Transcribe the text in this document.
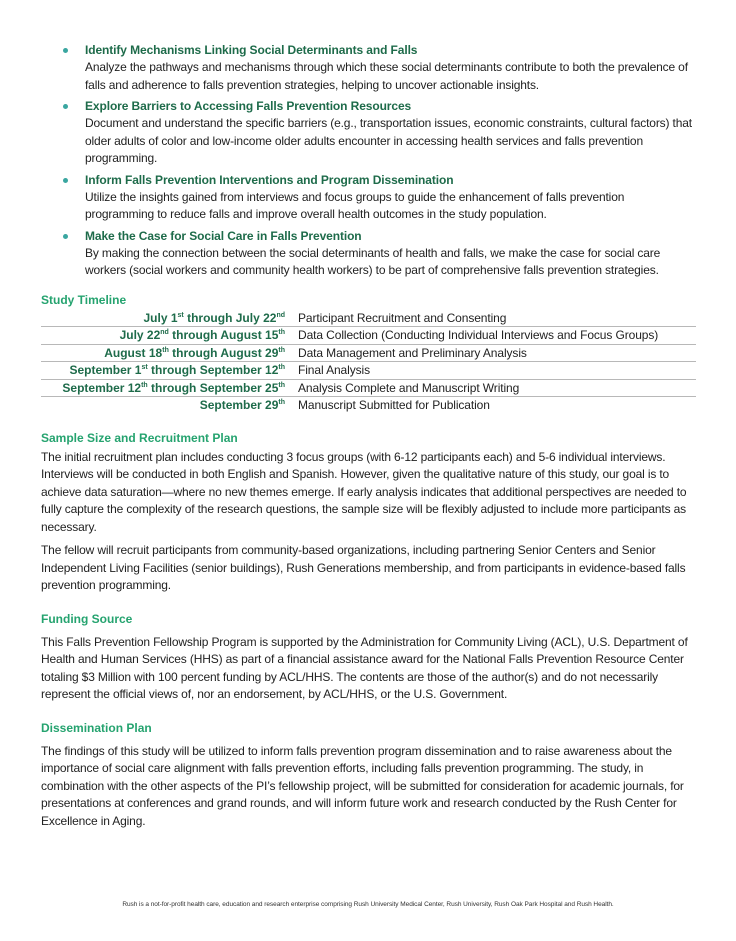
Identify Mechanisms Linking Social Determinants and Falls
Analyze the pathways and mechanisms through which these social determinants contribute to both the prevalence of falls and adherence to falls prevention strategies, helping to uncover actionable insights.
Explore Barriers to Accessing Falls Prevention Resources
Document and understand the specific barriers (e.g., transportation issues, economic constraints, cultural factors) that older adults of color and low-income older adults encounter in accessing health services and falls prevention programming.
Inform Falls Prevention Interventions and Program Dissemination
Utilize the insights gained from interviews and focus groups to guide the enhancement of falls prevention programming to reduce falls and improve overall health outcomes in the study population.
Make the Case for Social Care in Falls Prevention
By making the connection between the social determinants of health and falls, we make the case for social care workers (social workers and community health workers) to be part of comprehensive falls prevention strategies.
Study Timeline
July 1st through July 22nd	Participant Recruitment and Consenting
July 22nd through August 15th	Data Collection (Conducting Individual Interviews and Focus Groups)
August 18th through August 29th	Data Management and Preliminary Analysis
September 1st through September 12th	Final Analysis
September 12th through September 25th	Analysis Complete and Manuscript Writing
September 29th	Manuscript Submitted for Publication
Sample Size and Recruitment Plan

The initial recruitment plan includes conducting 3 focus groups (with 6-12 participants each) and 5-6 individual interviews. Interviews will be conducted in both English and Spanish. However, given the qualitative nature of this study, our goal is to achieve data saturation—where no new themes emerge. If early analysis indicates that additional perspectives are needed to fully capture the complexity of the research questions, the sample size will be flexibly adjusted to include more participants as necessary.

The fellow will recruit participants from community-based organizations, including partnering Senior Centers and Senior Independent Living Facilities (senior buildings), Rush Generations membership, and from participants in evidence-based falls prevention programming.

Funding Source

This Falls Prevention Fellowship Program is supported by the Administration for Community Living (ACL), U.S. Department of Health and Human Services (HHS) as part of a financial assistance award for the National Falls Prevention Resource Center totaling $3 Million with 100 percent funding by ACL/HHS. The contents are those of the author(s) and do not necessarily represent the official views of, nor an endorsement, by ACL/HHS, or the U.S. Government.

Dissemination Plan

The findings of this study will be utilized to inform falls prevention program dissemination and to raise awareness about the importance of social care alignment with falls prevention efforts, including falls prevention programming. The study, in combination with the other aspects of the PI’s fellowship project, will be submitted for consideration for academic journals, for presentations at conferences and grand rounds, and will inform future work and research conducted by the Rush Center for Excellence in Aging.

Rush is a not-for-profit health care, education and research enterprise comprising Rush University Medical Center, Rush University, Rush Oak Park Hospital and Rush Health.
